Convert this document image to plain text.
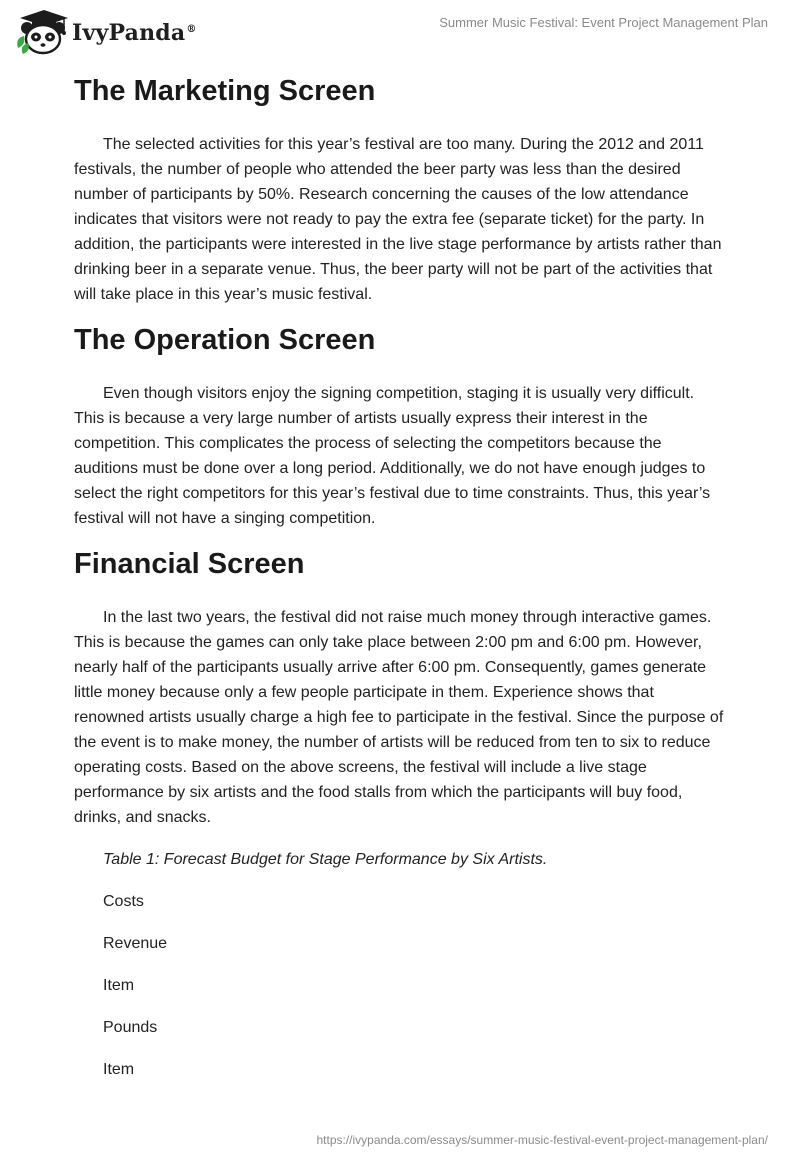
IvyPanda®	Summer Music Festival: Event Project Management Plan
The Marketing Screen

The selected activities for this year’s festival are too many. During the 2012 and 2011 festivals, the number of people who attended the beer party was less than the desired number of participants by 50%. Research concerning the causes of the low attendance indicates that visitors were not ready to pay the extra fee (separate ticket) for the party. In addition, the participants were interested in the live stage performance by artists rather than drinking beer in a separate venue. Thus, the beer party will not be part of the activities that will take place in this year’s music festival.

The Operation Screen

Even though visitors enjoy the signing competition, staging it is usually very difficult. This is because a very large number of artists usually express their interest in the competition. This complicates the process of selecting the competitors because the auditions must be done over a long period. Additionally, we do not have enough judges to select the right competitors for this year’s festival due to time constraints. Thus, this year’s festival will not have a singing competition.

Financial Screen

In the last two years, the festival did not raise much money through interactive games. This is because the games can only take place between 2:00 pm and 6:00 pm. However, nearly half of the participants usually arrive after 6:00 pm. Consequently, games generate little money because only a few people participate in them. Experience shows that renowned artists usually charge a high fee to participate in the festival. Since the purpose of the event is to make money, the number of artists will be reduced from ten to six to reduce operating costs. Based on the above screens, the festival will include a live stage performance by six artists and the food stalls from which the participants will buy food, drinks, and snacks.

Table 1: Forecast Budget for Stage Performance by Six Artists.
Costs
Revenue
Item
Pounds
Item
https://ivypanda.com/essays/summer-music-festival-event-project-management-plan/
